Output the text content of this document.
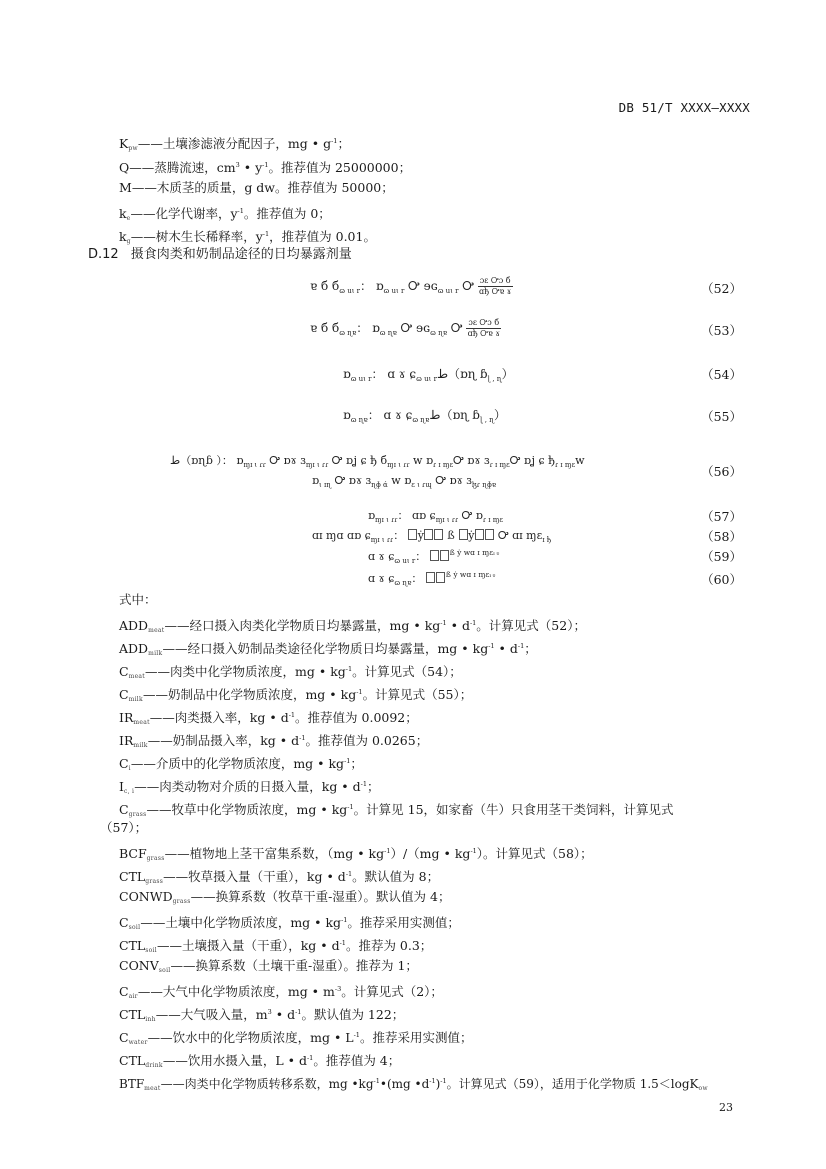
DB 51/T XXXX—XXXX
$K_{pw}——$土壤渗滤液分配因子，mg • $g^{-1}$；
Q——蒸腾流速，$cm^3$ • $y^{-1}$。推荐值为 25000000；
M——木质茎的质量，g dw。推荐值为 50000；
$k_e——$化学代谢率，$y^{-1}$。推荐值为 0；
$k_g——$树木生长稀释率，$y^{-1}$，推荐值为 0.01。
D.12 摄食肉类和奶制品途径的日均暴露剂量
ɐ б $б_{ɷ uɩ r}$： ɒ$_{ɷ uɩ r}$ Ꭴ ɘɢ$_{ɷ uɩ r}$ Ꭴ $\frac{\text{ɔɛ Ꭴɔ б}}{\text{ɑђ Ꭴɐ ɤ}}$	（52）
ɐ б $б_{ɷ ɳɐ}$： ɒ$_{ɷ ɳɐ}$ Ꭴ ɘɢ$_{ɷ ɳɐ}$ Ꭴ $\frac{\text{ɔɛ Ꭴɔ б}}{\text{ɑђ Ꭴɐ ɤ}}$	（53）
ɒ$_{ɷ uɩ r}$： ɑ ɤ ɕ$_{ɷ uɩ r}$ط（ɒɳ ɓ$_{ɭ , ɳ}$）	（54）
ɒ$_{ɷ ɳɐ}$： ɑ ɤ ɕ$_{ɷ ɳɐ}$ط（ɒɳ ɓ$_{ɭ , ɳ}$）	（55）
ط（ɒɳɓ ）： ɒ$_{ɱɪ ɩ ɾɾ}$ Ꭴ ɒɤ ɜ$_{ɱɪ ɩ ɾɾ}$ Ꭴ ɒʝ ɕ ђ $б_{ɱɪ ɩ ɾɾ}$ w ɒ$_{ɾ ɪ ɱɛ}$Ꭴ ɒɤ ɜ$_{ɾ ɪ ɱɛ}$Ꭴ ɒʝ ɕ $ђ_{ɾ ɪ ɱɛ}w$
ɒ$_{ɩ ɪɳ}$ Ꭴ ɒɤ ɜ$_{ɳɸ ά}$ w ɒ$_{ɛ ɩ ɾɰ}$ Ꭴ ɒɤ ɜ$_{ɮɾ ɳɸɐ}$
（56）
ɒ$_{ɱɪ ɩ ɾɾ}$： ɑɒ ɕ$_{ɱɪ ɩ ɾɾ}$ Ꭴ ɒ$_{ɾ ɪ ɱɛ}$	（57）
ɑɪ ɱɑ ɑɒ ɕ$_{ɱɪ ɩ ɾɾ}$： ẏ ß ẏ Ꭴ ɑɪ ɱɛ$_{ɪ ђ}$	（58）
ɑ ɤ ɕ$_{ɷ uɩ r}$：	$^{ß ẏ wɑ ɪ ɱɛɪ ʬ}$	（59）
ɑ ɤ ɕ$_{ɷ ɳɐ}$：	$^{ß ẏ wɑ ɪ ɱɛɪ ʬ}$	（60）
式中：
$ADD_{meat}——$经口摄入肉类化学物质日均暴露量，mg • $kg^{-1}$ • $d^{-1}$。计算见式（52）；
$ADD_{milk}——$经口摄入奶制品类途径化学物质日均暴露量，mg • $kg^{-1}$ • $d^{-1}$；
$C_{meat}——$肉类中化学物质浓度，mg • $kg^{-1}$。计算见式（54）；
$C_{milk}——$奶制品中化学物质浓度，mg • $kg^{-1}$。计算见式（55）；
$IR_{meat}——$肉类摄入率，kg • $d^{-1}$。推荐值为 0.0092；
$IR_{milk}——$奶制品摄入率，kg • $d^{-1}$。推荐值为 0.0265；
$C_i——$介质中的化学物质浓度，mg • $kg^{-1}$；
$I_{c, i}——$肉类动物对介质的日摄入量，kg • $d^{-1}$；
$C_{grass}——$牧草中化学物质浓度，mg • $kg^{-1}$。计算见 15，如家畜（牛）只食用茎干类饲料，计算见式
（57）；
$BCF_{grass}——$植物地上茎干富集系数，（mg • $kg^{-1})/(mg$ • $kg^{-1}$）。计算见式（58）；
$CTL_{grass}——$牧草摄入量（干重），kg • $d^{-1}$。默认值为 8；
$CONWD_{grass}——$换算系数（牧草干重-湿重）。默认值为 4；
$C_{soil}——$土壤中化学物质浓度，mg • $kg^{-1}$。推荐采用实测值；
$CTL_{soil}——$土壤摄入量（干重），kg • $d^{-1}$。推荐为 0.3；
$CONV_{soil}——$换算系数（土壤干重-湿重）。推荐为 1；
$C_{air}——$大气中化学物质浓度，mg • $m^{-3}$。计算见式（2）；
$CTL_{inh}——$大气吸入量，$m^3$ • $d^{-1}$。默认值为 122；
$C_{water}——$饮水中的化学物质浓度，mg • $L^{-1}$。推荐采用实测值；
$CTL_{drink}——$饮用水摄入量，L • $d^{-1}$。推荐值为 4；
$BTF_{meat}——$肉类中化学物质转移系数，mg $•kg^{-1}•(mg$ $•d^{-1})^{-1}$。计算见式（59），适用于化学物质 1.5＜logK$_{ow}$
23
